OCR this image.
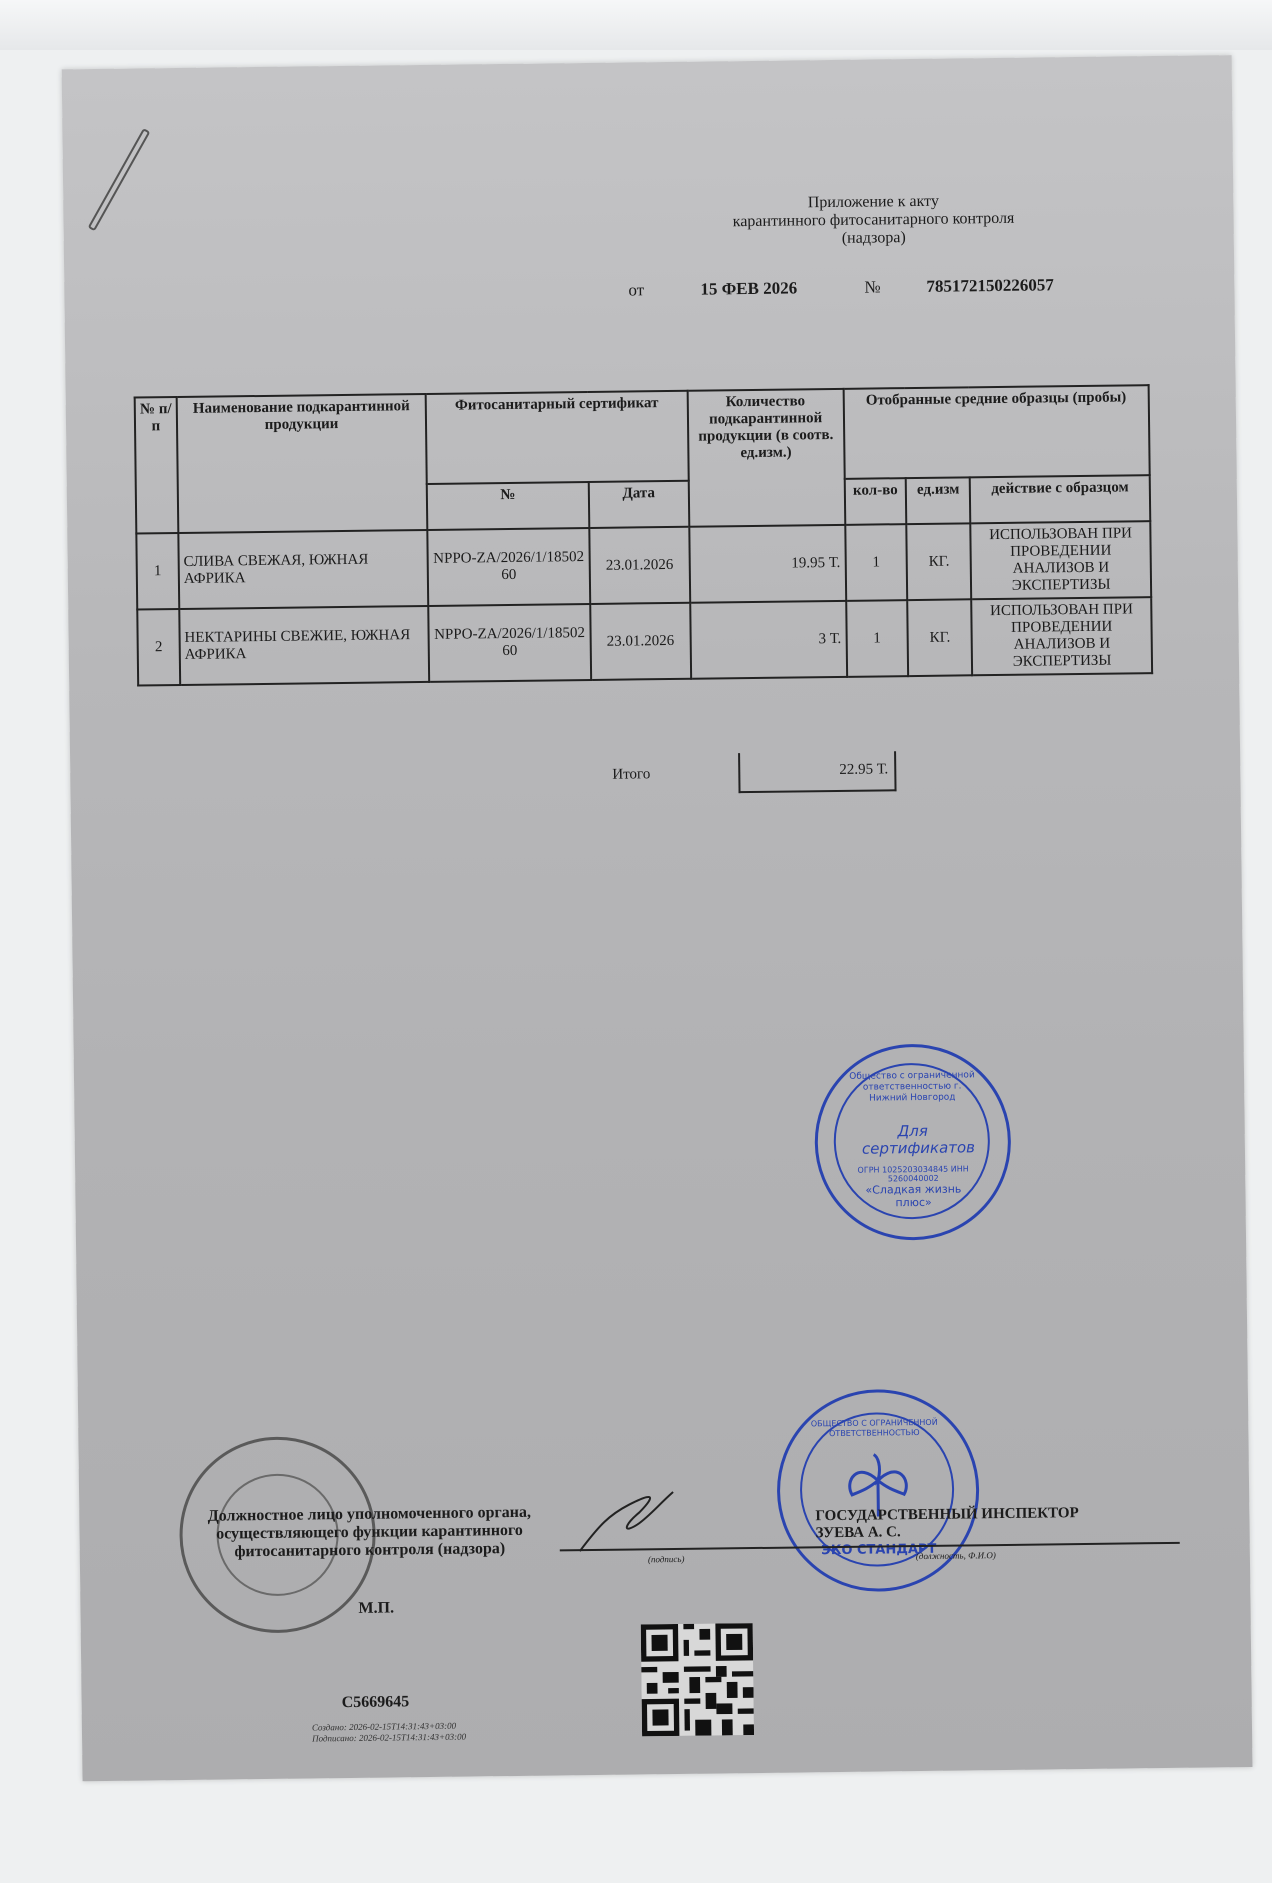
Приложение к акту
карантинного фитосанитарного контроля
(надзора)
от	15 ФЕВ 2026	№	785172150226057
№ п/п	Наименование подкарантинной продукции	Фитосанитарный сертификат		Количество подкарантинной продукции (в соотв. ед.изм.)	Отобранные средние образцы (пробы)		
		№	Дата		кол-во	ед.изм	действие с образцом
1	СЛИВА СВЕЖАЯ, ЮЖНАЯ АФРИКА	NPPO-ZA/2026/1/18502 60	23.01.2026	19.95 Т.	1	КГ.	ИСПОЛЬЗОВАН ПРИ ПРОВЕДЕНИИ АНАЛИЗОВ И ЭКСПЕРТИЗЫ
2	НЕКТАРИНЫ СВЕЖИЕ, ЮЖНАЯ АФРИКА	NPPO-ZA/2026/1/18502 60	23.01.2026	3 Т.	1	КГ.	ИСПОЛЬЗОВАН ПРИ ПРОВЕДЕНИИ АНАЛИЗОВ И ЭКСПЕРТИЗЫ
Итого	22.95 Т.
Общество с ограниченной ответственностью г. Нижний Новгород
Для сертификатов
ОГРН 1025203034845 ИНН 5260040002
«Сладкая жизнь плюс»
ОБЩЕСТВО С ОГРАНИЧЕННОЙ ОТВЕТСТВЕННОСТЬЮ
ЭКО СТАНДАРТ
Должностное лицо уполномоченного органа, осуществляющего функции карантинного фитосанитарного контроля (надзора)
М.П.
ГОСУДАРСТВЕННЫЙ ИНСПЕКТОР
ЗУЕВА А. С.
(подпись)	(должность, Ф.И.О)
С5669645
Создано: 2026-02-15Т14:31:43+03:00
Подписано: 2026-02-15Т14:31:43+03:00
